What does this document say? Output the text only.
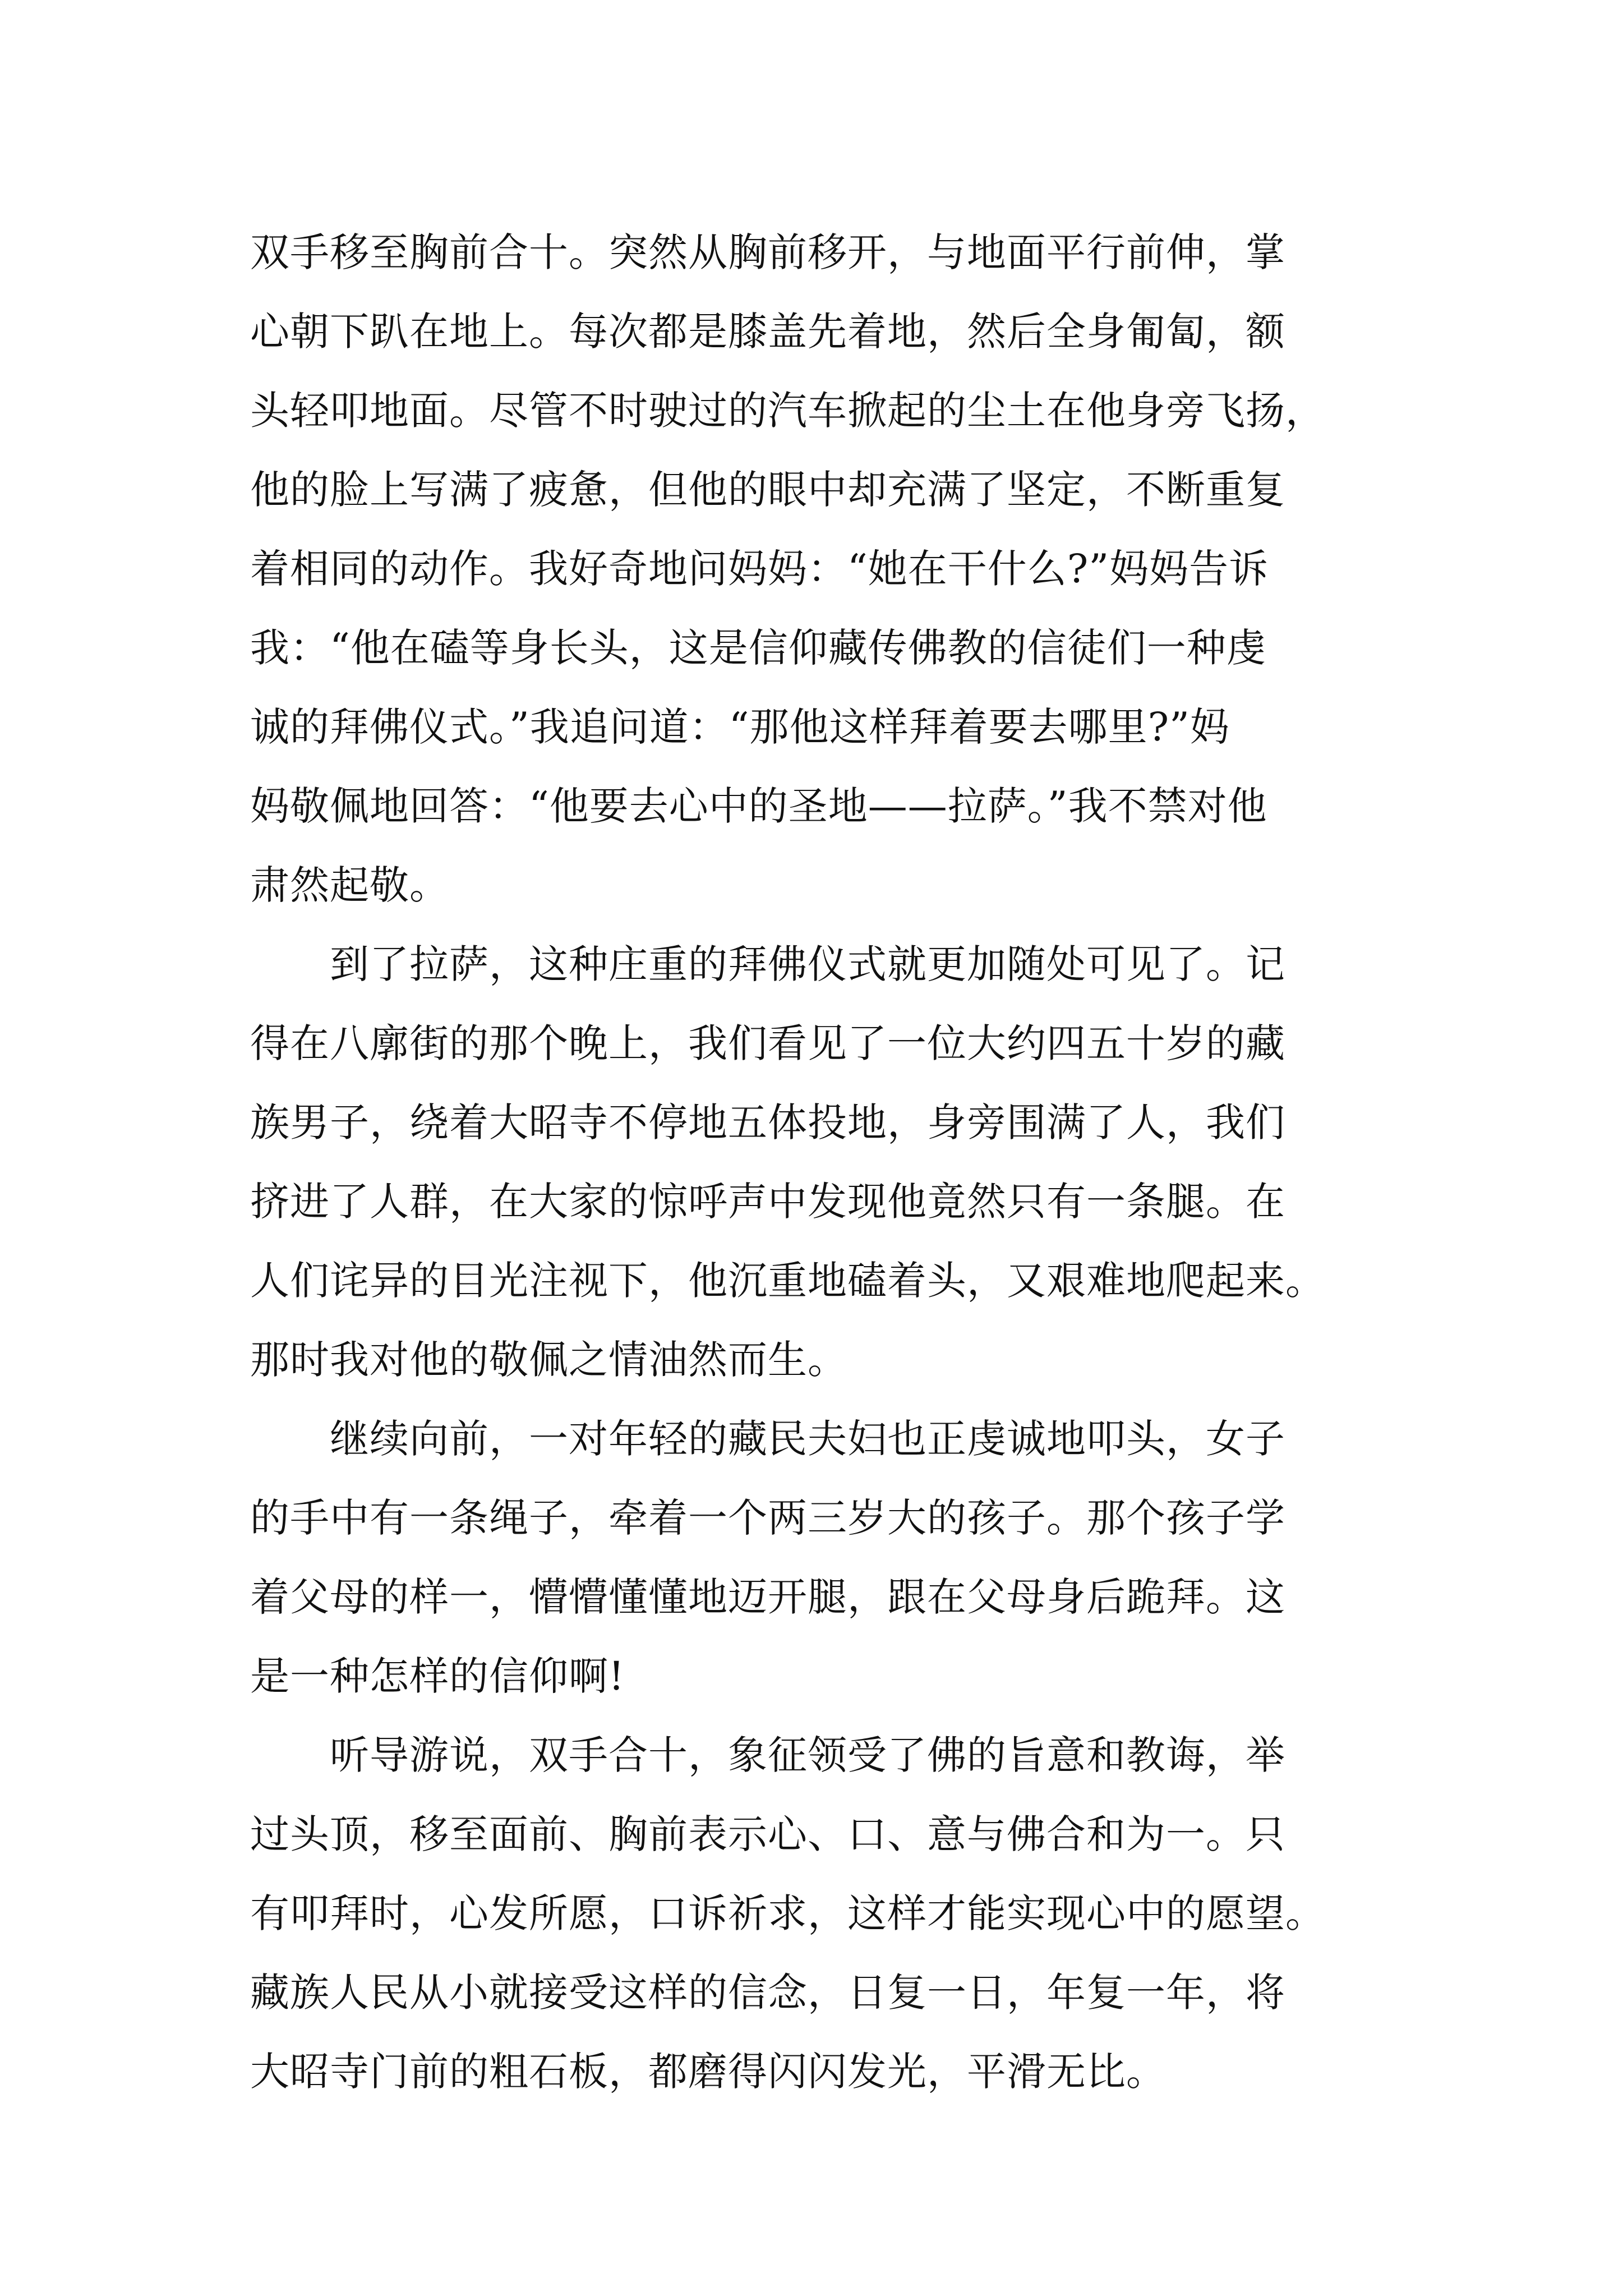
双手移至胸前合十。突然从胸前移开，与地面平行前伸，掌
心朝下趴在地上。每次都是膝盖先着地，然后全身匍匐，额
头轻叩地面。尽管不时驶过的汽车掀起的尘土在他身旁飞扬，
他的脸上写满了疲惫，但他的眼中却充满了坚定，不断重复
着相同的动作。我好奇地问妈妈：“她在干什么?”妈妈告诉
我：“他在磕等身长头，这是信仰藏传佛教的信徒们一种虔
诚的拜佛仪式。”我追问道：“那他这样拜着要去哪里?”妈
妈敬佩地回答：“他要去心中的圣地——拉萨。”我不禁对他
肃然起敬。
　　到了拉萨，这种庄重的拜佛仪式就更加随处可见了。记
得在八廓街的那个晚上，我们看见了一位大约四五十岁的藏
族男子，绕着大昭寺不停地五体投地，身旁围满了人，我们
挤进了人群，在大家的惊呼声中发现他竟然只有一条腿。在
人们诧异的目光注视下，他沉重地磕着头，又艰难地爬起来。
那时我对他的敬佩之情油然而生。
　　继续向前，一对年轻的藏民夫妇也正虔诚地叩头，女子
的手中有一条绳子，牵着一个两三岁大的孩子。那个孩子学
着父母的样一，懵懵懂懂地迈开腿，跟在父母身后跪拜。这
是一种怎样的信仰啊!
　　听导游说，双手合十，象征领受了佛的旨意和教诲，举
过头顶，移至面前、胸前表示心、口、意与佛合和为一。只
有叩拜时，心发所愿，口诉祈求，这样才能实现心中的愿望。
藏族人民从小就接受这样的信念，日复一日，年复一年，将
大昭寺门前的粗石板，都磨得闪闪发光，平滑无比。
